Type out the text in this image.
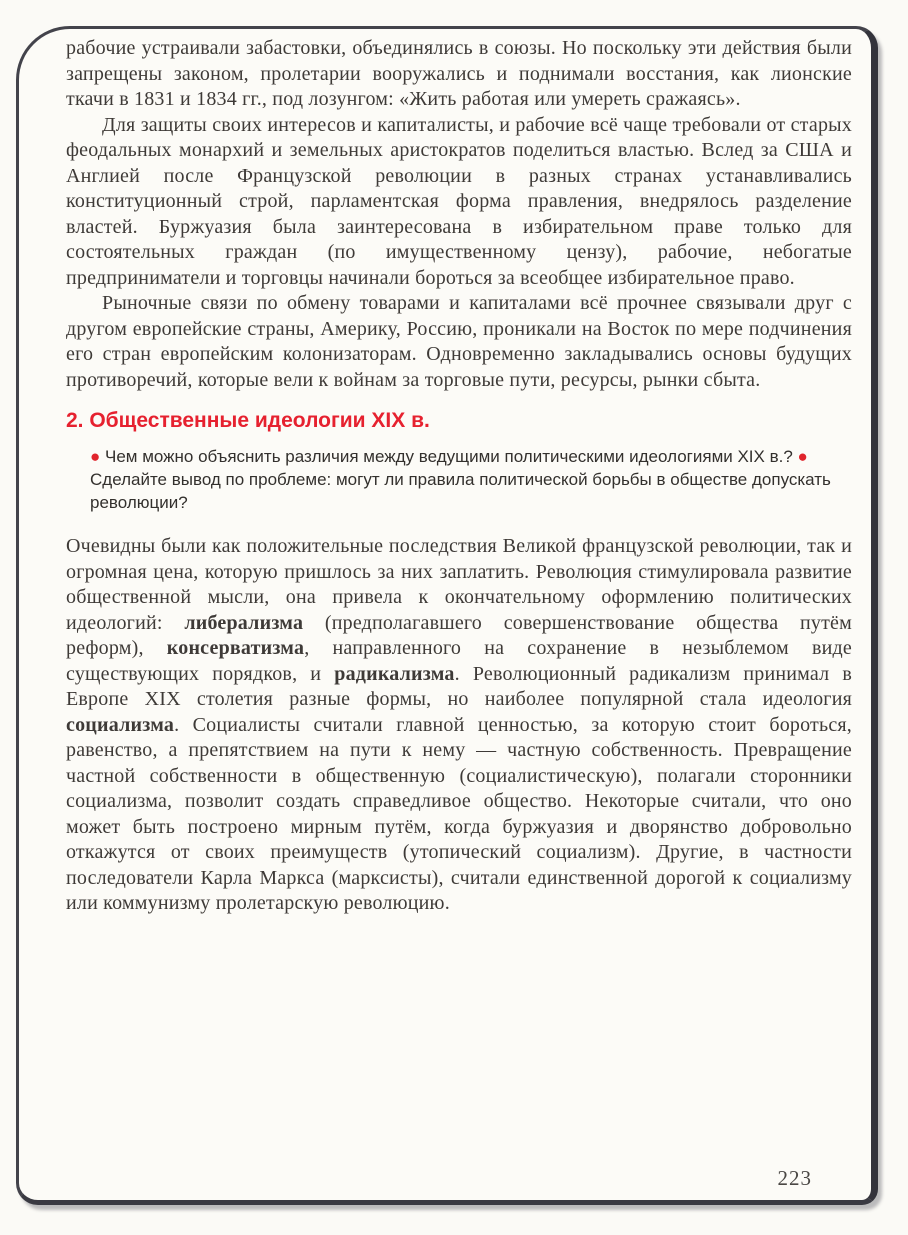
рабочие устраивали забастовки, объединялись в союзы. Но поскольку эти действия были запрещены законом, пролетарии вооружались и поднимали восстания, как лионские ткачи в 1831 и 1834 гг., под лозунгом: «Жить работая или умереть сражаясь».

Для защиты своих интересов и капиталисты, и рабочие всё чаще требовали от старых феодальных монархий и земельных аристократов поделиться властью. Вслед за США и Англией после Французской революции в разных странах устанавливались конституционный строй, парламентская форма правления, внедрялось разделение властей. Буржуазия была заинтересована в избирательном праве только для состоятельных граждан (по имущественному цензу), рабочие, небогатые предприниматели и торговцы начинали бороться за всеобщее избирательное право.

Рыночные связи по обмену товарами и капиталами всё прочнее связывали друг с другом европейские страны, Америку, Россию, проникали на Восток по мере подчинения его стран европейским колонизаторам. Одновременно закладывались основы будущих противоречий, которые вели к войнам за торговые пути, ресурсы, рынки сбыта.

2. Общественные идеологии XIX в.

● Чем можно объяснить различия между ведущими политическими идеологиями XIX в.? ● Сделайте вывод по проблеме: могут ли правила политической борьбы в обществе допускать революции?

Очевидны были как положительные последствия Великой французской революции, так и огромная цена, которую пришлось за них заплатить. Революция стимулировала развитие общественной мысли, она привела к окончательному оформлению политических идеологий: либерализма (предполагавшего совершенствование общества путём реформ), консерватизма, направленного на сохранение в незыблемом виде существующих порядков, и радикализма. Революционный радикализм принимал в Европе XIX столетия разные формы, но наиболее популярной стала идеология социализма. Социалисты считали главной ценностью, за которую стоит бороться, равенство, а препятствием на пути к нему — частную собственность. Превращение частной собственности в общественную (социалистическую), полагали сторонники социализма, позволит создать справедливое общество. Некоторые считали, что оно может быть построено мирным путём, когда буржуазия и дворянство добровольно откажутся от своих преимуществ (утопический социализм). Другие, в частности последователи Карла Маркса (марксисты), считали единственной дорогой к социализму или коммунизму пролетарскую революцию.

223
